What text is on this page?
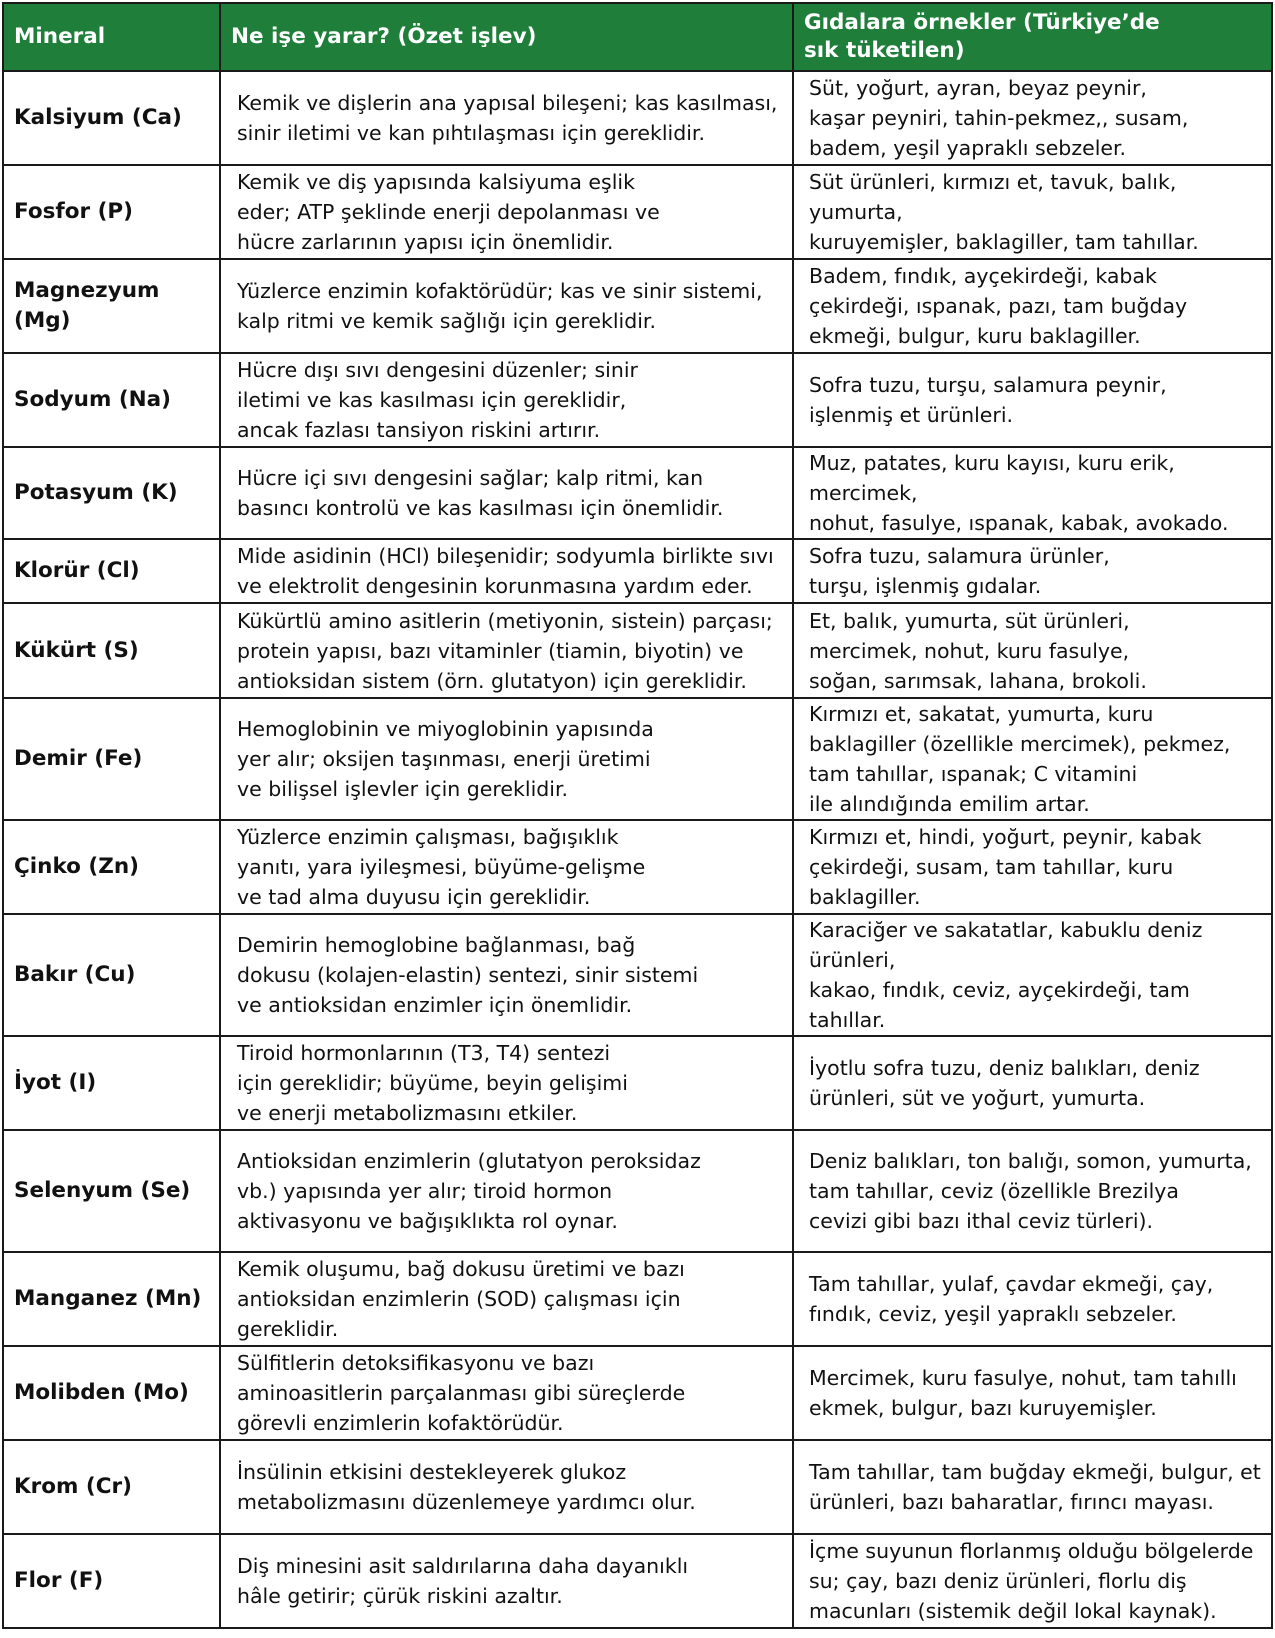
Mineral	Ne işe yarar? (Özet işlev)	Gıdalara örnekler (Türkiye’de
sık tüketilen)

Kalsiyum (Ca)	Kemik ve dişlerin ana yapısal bileşeni; kas kasılması,
sinir iletimi ve kan pıhtılaşması için gereklidir.	Süt, yoğurt, ayran, beyaz peynir,
kaşar peyniri, tahin-pekmez,, susam,
badem, yeşil yapraklı sebzeler.

Fosfor (P)	Kemik ve diş yapısında kalsiyuma eşlik
eder; ATP şeklinde enerji depolanması ve
hücre zarlarının yapısı için önemlidir.	Süt ürünleri, kırmızı et, tavuk, balık, yumurta,
kuruyemişler, baklagiller, tam tahıllar.

Magnezyum (Mg)	Yüzlerce enzimin kofaktörüdür; kas ve sinir sistemi,
kalp ritmi ve kemik sağlığı için gereklidir.	Badem, fındık, ayçekirdeği, kabak
çekirdeği, ıspanak, pazı, tam buğday
ekmeği, bulgur, kuru baklagiller.

Sodyum (Na)	Hücre dışı sıvı dengesini düzenler; sinir
iletimi ve kas kasılması için gereklidir,
ancak fazlası tansiyon riskini artırır.	Sofra tuzu, turşu, salamura peynir,
işlenmiş et ürünleri.

Potasyum (K)	Hücre içi sıvı dengesini sağlar; kalp ritmi, kan
basıncı kontrolü ve kas kasılması için önemlidir.	Muz, patates, kuru kayısı, kuru erik, mercimek,
nohut, fasulye, ıspanak, kabak, avokado.

Klorür (Cl)	Mide asidinin (HCl) bileşenidir; sodyumla birlikte sıvı
ve elektrolit dengesinin korunmasına yardım eder.	Sofra tuzu, salamura ürünler,
turşu, işlenmiş gıdalar.

Kükürt (S)	Kükürtlü amino asitlerin (metiyonin, sistein) parçası;
protein yapısı, bazı vitaminler (tiamin, biyotin) ve
antioksidan sistem (örn. glutatyon) için gereklidir.	Et, balık, yumurta, süt ürünleri,
mercimek, nohut, kuru fasulye,
soğan, sarımsak, lahana, brokoli.

Demir (Fe)	Hemoglobinin ve miyoglobinin yapısında
yer alır; oksijen taşınması, enerji üretimi
ve bilişsel işlevler için gereklidir.	Kırmızı et, sakatat, yumurta, kuru
baklagiller (özellikle mercimek), pekmez,
tam tahıllar, ıspanak; C vitamini
ile alındığında emilim artar.

Çinko (Zn)	Yüzlerce enzimin çalışması, bağışıklık
yanıtı, yara iyileşmesi, büyüme-gelişme
ve tad alma duyusu için gereklidir.	Kırmızı et, hindi, yoğurt, peynir, kabak
çekirdeği, susam, tam tahıllar, kuru baklagiller.

Bakır (Cu)	Demirin hemoglobine bağlanması, bağ
dokusu (kolajen-elastin) sentezi, sinir sistemi
ve antioksidan enzimler için önemlidir.	Karaciğer ve sakatatlar, kabuklu deniz ürünleri,
kakao, fındık, ceviz, ayçekirdeği, tam tahıllar.

İyot (I)	Tiroid hormonlarının (T3, T4) sentezi
için gereklidir; büyüme, beyin gelişimi
ve enerji metabolizmasını etkiler.	İyotlu sofra tuzu, deniz balıkları, deniz
ürünleri, süt ve yoğurt, yumurta.

Selenyum (Se)	Antioksidan enzimlerin (glutatyon peroksidaz
vb.) yapısında yer alır; tiroid hormon
aktivasyonu ve bağışıklıkta rol oynar.	Deniz balıkları, ton balığı, somon, yumurta,
tam tahıllar, ceviz (özellikle Brezilya
cevizi gibi bazı ithal ceviz türleri).

Manganez (Mn)	Kemik oluşumu, bağ dokusu üretimi ve bazı
antioksidan enzimlerin (SOD) çalışması için gereklidir.	Tam tahıllar, yulaf, çavdar ekmeği, çay,
fındık, ceviz, yeşil yapraklı sebzeler.

Molibden (Mo)	Sülfitlerin detoksifikasyonu ve bazı
aminoasitlerin parçalanması gibi süreçlerde
görevli enzimlerin kofaktörüdür.	Mercimek, kuru fasulye, nohut, tam tahıllı
ekmek, bulgur, bazı kuruyemişler.

Krom (Cr)	İnsülinin etkisini destekleyerek glukoz
metabolizmasını düzenlemeye yardımcı olur.	Tam tahıllar, tam buğday ekmeği, bulgur, et
ürünleri, bazı baharatlar, fırıncı mayası.

Flor (F)	Diş minesini asit saldırılarına daha dayanıklı
hâle getirir; çürük riskini azaltır.	İçme suyunun florlanmış olduğu bölgelerde
su; çay, bazı deniz ürünleri, florlu diş
macunları (sistemik değil lokal kaynak).
